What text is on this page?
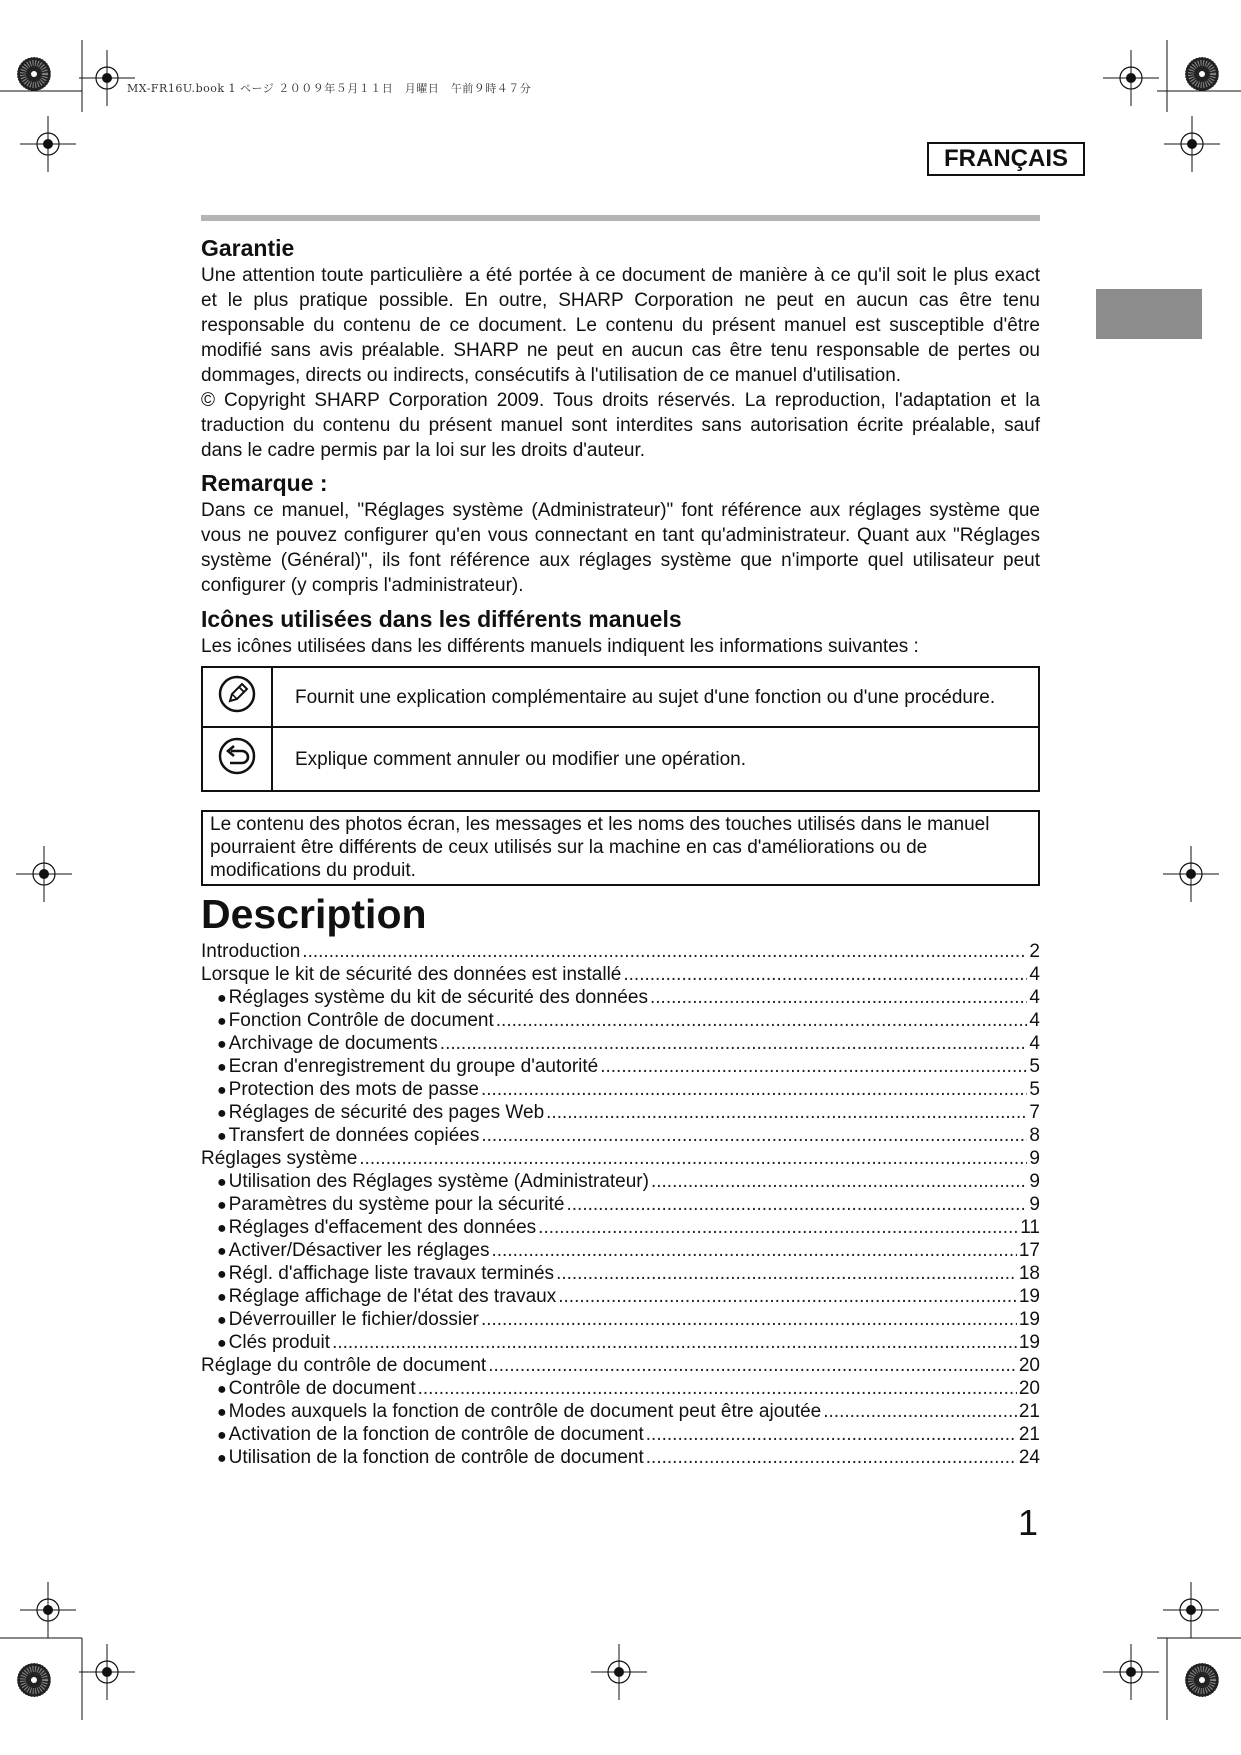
MX-FR16U.book 1 ページ ２００９年５月１１日　月曜日　午前９時４７分
FRANÇAIS
Garantie

Une attention toute particulière a été portée à ce document de manière à ce qu'il soit le plus exact et le plus pratique possible. En outre, SHARP Corporation ne peut en aucun cas être tenu responsable du contenu de ce document. Le contenu du présent manuel est susceptible d'être modifié sans avis préalable. SHARP ne peut en aucun cas être tenu responsable de pertes ou dommages, directs ou indirects, consécutifs à l'utilisation de ce manuel d'utilisation.

© Copyright SHARP Corporation 2009. Tous droits réservés. La reproduction, l'adaptation et la traduction du contenu du présent manuel sont interdites sans autorisation écrite préalable, sauf dans le cadre permis par la loi sur les droits d'auteur.

Remarque :

Dans ce manuel, "Réglages système (Administrateur)" font référence aux réglages système que vous ne pouvez configurer qu'en vous connectant en tant qu'administrateur. Quant aux "Réglages système (Général)", ils font référence aux réglages système que n'importe quel utilisateur peut configurer (y compris l'administrateur).

Icônes utilisées dans les différents manuels

Les icônes utilisées dans les différents manuels indiquent les informations suivantes :

	Fournit une explication complémentaire au sujet d'une fonction ou d'une procédure.
	Explique comment annuler ou modifier une opération.
Le contenu des photos écran, les messages et les noms des touches utilisés dans le manuel pourraient être différents de ceux utilisés sur la machine en cas d'améliorations ou de modifications du produit.
Description
Introduction .....	2
Lorsque le kit de sécurité des données est installé .....	4
● Réglages système du kit de sécurité des données .....	4
● Fonction Contrôle de document .....	4
● Archivage de documents .....	4
● Ecran d'enregistrement du groupe d'autorité .....	5
● Protection des mots de passe .....	5
● Réglages de sécurité des pages Web .....	7
● Transfert de données copiées .....	8
Réglages système .....	9
● Utilisation des Réglages système (Administrateur) .....	9
● Paramètres du système pour la sécurité .....	9
● Réglages d'effacement des données .....	11
● Activer/Désactiver les réglages .....	17
● Régl. d'affichage liste travaux terminés .....	18
● Réglage affichage de l'état des travaux .....	19
● Déverrouiller le fichier/dossier .....	19
● Clés produit .....	19
Réglage du contrôle de document .....	20
● Contrôle de document .....	20
● Modes auxquels la fonction de contrôle de document peut être ajoutée .....	21
● Activation de la fonction de contrôle de document .....	21
● Utilisation de la fonction de contrôle de document .....	24
1
